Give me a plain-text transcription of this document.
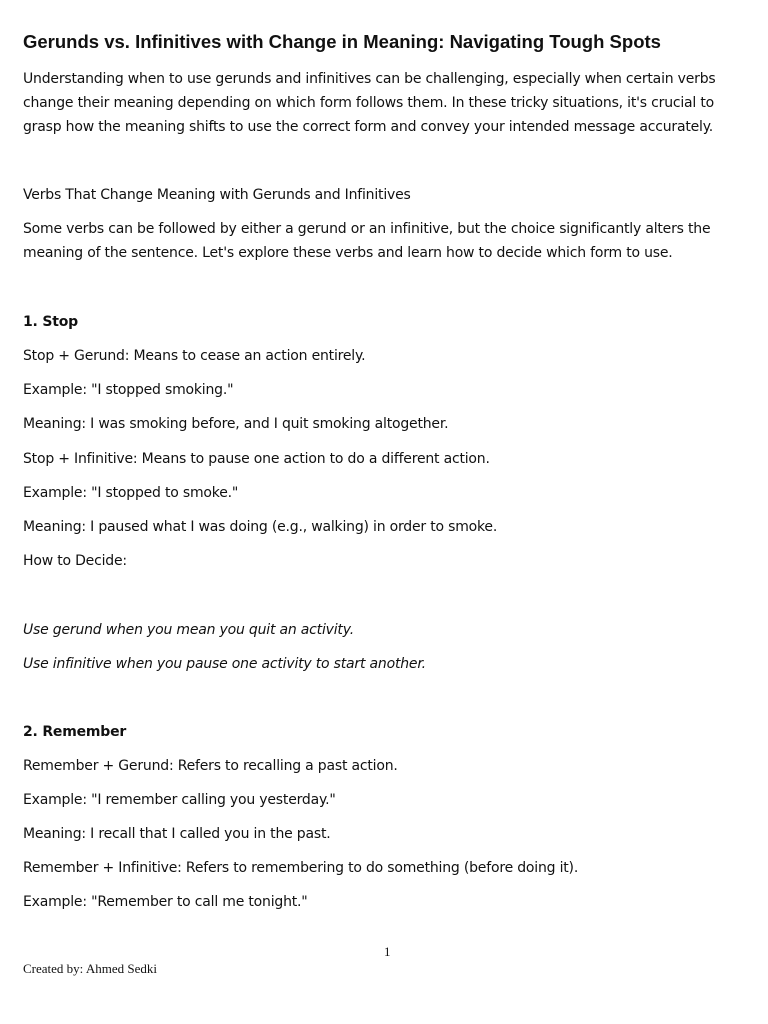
Gerunds vs. Infinitives with Change in Meaning: Navigating Tough Spots
Understanding when to use gerunds and infinitives can be challenging, especially when certain verbs
change their meaning depending on which form follows them. In these tricky situations, it's crucial to
grasp how the meaning shifts to use the correct form and convey your intended message accurately.
Verbs That Change Meaning with Gerunds and Infinitives
Some verbs can be followed by either a gerund or an infinitive, but the choice significantly alters the
meaning of the sentence. Let's explore these verbs and learn how to decide which form to use.
1. Stop
Stop + Gerund: Means to cease an action entirely.
Example: "I stopped smoking."
Meaning: I was smoking before, and I quit smoking altogether.
Stop + Infinitive: Means to pause one action to do a different action.
Example: "I stopped to smoke."
Meaning: I paused what I was doing (e.g., walking) in order to smoke.
How to Decide:
Use gerund when you mean you quit an activity.
Use infinitive when you pause one activity to start another.
2. Remember
Remember + Gerund: Refers to recalling a past action.
Example: "I remember calling you yesterday."
Meaning: I recall that I called you in the past.
Remember + Infinitive: Refers to remembering to do something (before doing it).
Example: "Remember to call me tonight."
1
Created by: Ahmed Sedki
